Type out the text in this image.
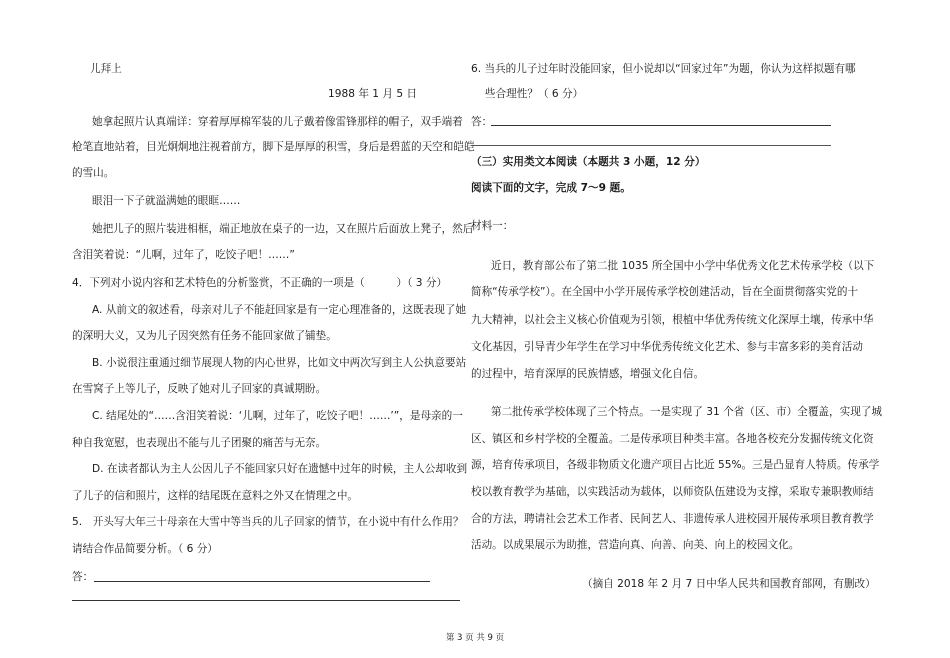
儿拜上
1988 年 1 月 5 日
她拿起照片认真端详：穿着厚厚棉军装的儿子戴着像雷锋那样的帽子，双手端着
枪笔直地站着，目光炯炯地注视着前方，脚下是厚厚的积雪，身后是碧蓝的天空和皑皑
的雪山。
眼泪一下子就溢满她的眼眶……
她把儿子的照片装进相框，端正地放在桌子的一边，又在照片后面放上凳子，然后
含泪笑着说：“儿啊，过年了，吃饺子吧！……”
4．下列对小说内容和艺术特色的分析鉴赏，不正确的一项是（　　　）（ 3 分）
A. 从前文的叙述看，母亲对儿子不能赶回家是有一定心理准备的，这既表现了她
的深明大义，又为儿子因突然有任务不能回家做了铺垫。
B. 小说很注重通过细节展现人物的内心世界，比如文中两次写到主人公执意要站
在雪窝子上等儿子，反映了她对儿子回家的真诚期盼。
C. 结尾处的“……含泪笑着说：‘儿啊，过年了，吃饺子吧！……’”，是母亲的一
种自我宽慰，也表现出不能与儿子团聚的痛苦与无奈。
D. 在读者都认为主人公因儿子不能回家只好在遗憾中过年的时候，主人公却收到
了儿子的信和照片，这样的结尾既在意料之外又在情理之中。
5.　开头写大年三十母亲在大雪中等当兵的儿子回家的情节，在小说中有什么作用？
请结合作品简要分析。（ 6 分）
答：
6. 当兵的儿子过年时没能回家，但小说却以“回家过年”为题，你认为这样拟题有哪
些合理性？（ 6 分）
答：
（三）实用类文本阅读（本题共 3 小题，12 分）
阅读下面的文字，完成 7～9 题。
材料一：
近日，教育部公布了第二批 1035 所全国中小学中华优秀文化艺术传承学校（以下
简称“传承学校”）。在全国中小学开展传承学校创建活动，旨在全面贯彻落实党的十
九大精神，以社会主义核心价值观为引领，根植中华优秀传统文化深厚土壤，传承中华
文化基因，引导青少年学生在学习中华优秀传统文化艺术、参与丰富多彩的美育活动
的过程中，培育深厚的民族情感，增强文化自信。
第二批传承学校体现了三个特点。一是实现了 31 个省（区、市）全覆盖，实现了城
区、镇区和乡村学校的全覆盖。二是传承项目种类丰富。各地各校充分发掘传统文化资
源，培育传承项目，各级非物质文化遗产项目占比近 55%。三是凸显育人特质。传承学
校以教育教学为基础，以实践活动为载体，以师资队伍建设为支撑，采取专兼职教师结
合的方法，聘请社会艺术工作者、民间艺人、非遗传承人进校园开展传承项目教育教学
活动。以成果展示为助推，营造向真、向善、向美、向上的校园文化。
（摘自 2018 年 2 月 7 日中华人民共和国教育部网，有删改）
第 3 页 共 9 页
